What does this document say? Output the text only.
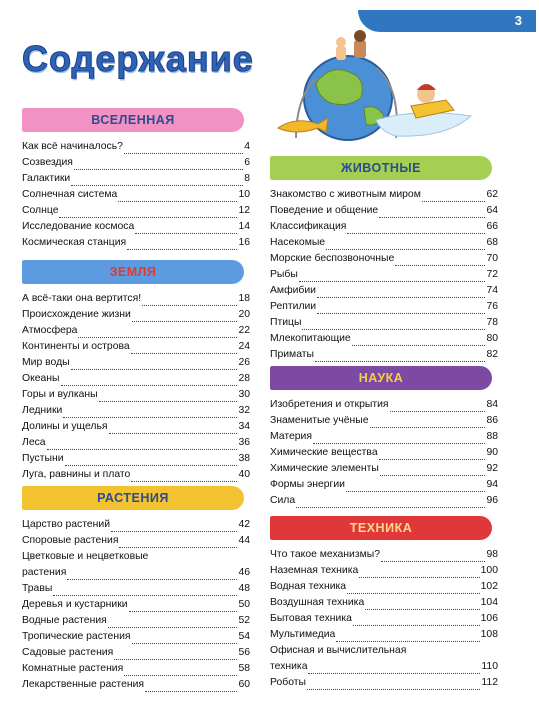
3
Содержание
ВСЕЛЕННАЯ
Как всё начиналось?	4
Созвездия	6
Галактики	8
Солнечная система	10
Солнце	12
Исследование космоса	14
Космическая станция	16
ЗЕМЛЯ
А всё-таки она вертится!	18
Происхождение жизни	20
Атмосфера	22
Континенты и острова	24
Мир воды	26
Океаны	28
Горы и вулканы	30
Ледники	32
Долины и ущелья	34
Леса	36
Пустыни	38
Луга, равнины и плато	40
РАСТЕНИЯ
Царство растений	42
Споровые растения	44
Цветковые и нецветковые
растения	46
Травы	48
Деревья и кустарники	50
Водные растения	52
Тропические растения	54
Садовые растения	56
Комнатные растения	58
Лекарственные растения	60
ЖИВОТНЫЕ
Знакомство с животным миром	62
Поведение и общение	64
Классификация	66
Насекомые	68
Морские беспозвоночные	70
Рыбы	72
Амфибии	74
Рептилии	76
Птицы	78
Млекопитающие	80
Приматы	82
НАУКА
Изобретения и открытия	84
Знаменитые учёные	86
Материя	88
Химические вещества	90
Химические элементы	92
Формы энергии	94
Сила	96
ТЕХНИКА
Что такое механизмы?	98
Наземная техника	100
Водная техника	102
Воздушная техника	104
Бытовая техника	106
Мультимедиа	108
Офисная и вычислительная
техника	110
Роботы	112
